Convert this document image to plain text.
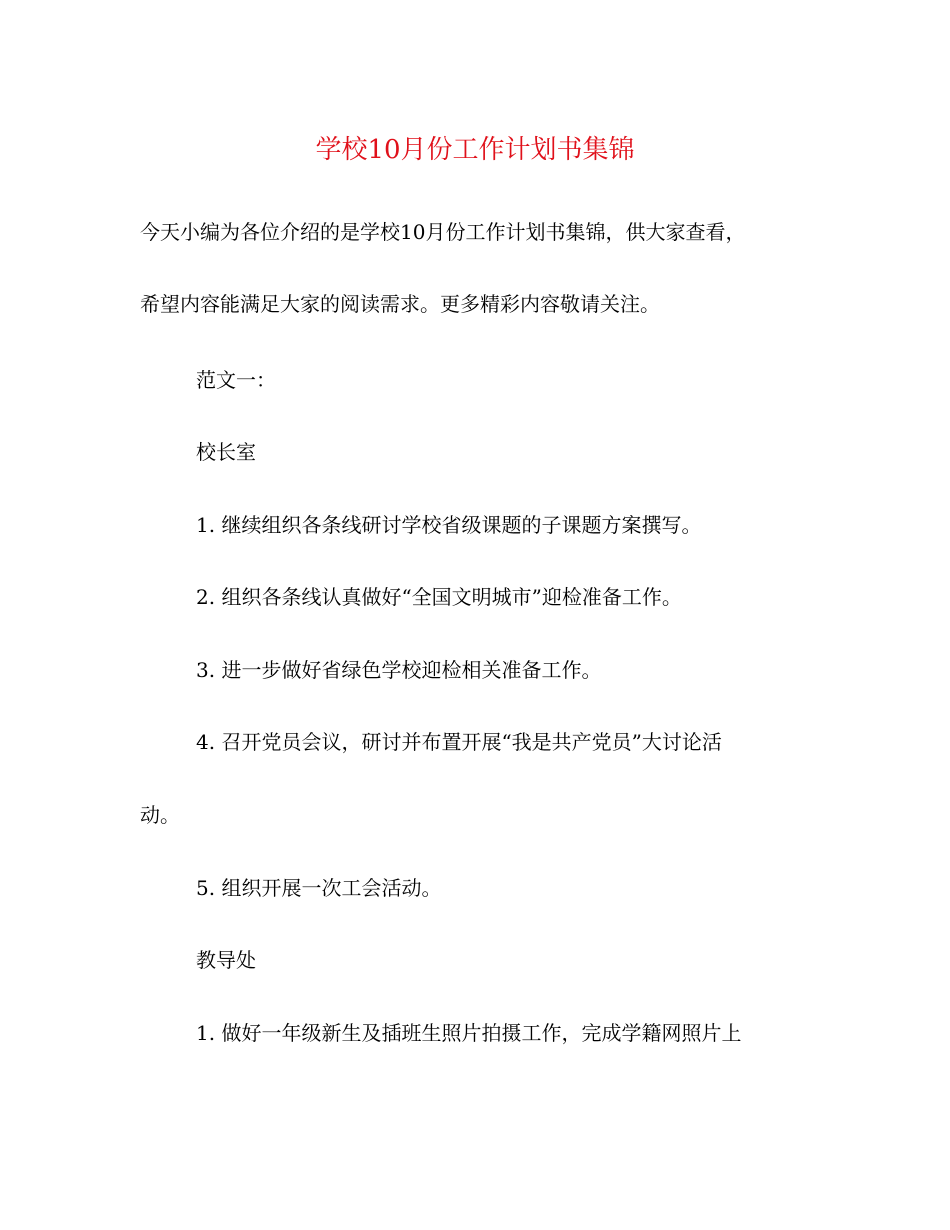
学校10月份工作计划书集锦
今天小编为各位介绍的是学校10月份工作计划书集锦，供大家查看，
希望内容能满足大家的阅读需求。更多精彩内容敬请关注。
范文一：
校长室
1. 继续组织各条线研讨学校省级课题的子课题方案撰写。
2. 组织各条线认真做好“全国文明城市”迎检准备工作。
3. 进一步做好省绿色学校迎检相关准备工作。
4. 召开党员会议，研讨并布置开展“我是共产党员”大讨论活
动。
5. 组织开展一次工会活动。
教导处
1. 做好一年级新生及插班生照片拍摄工作，完成学籍网照片上
